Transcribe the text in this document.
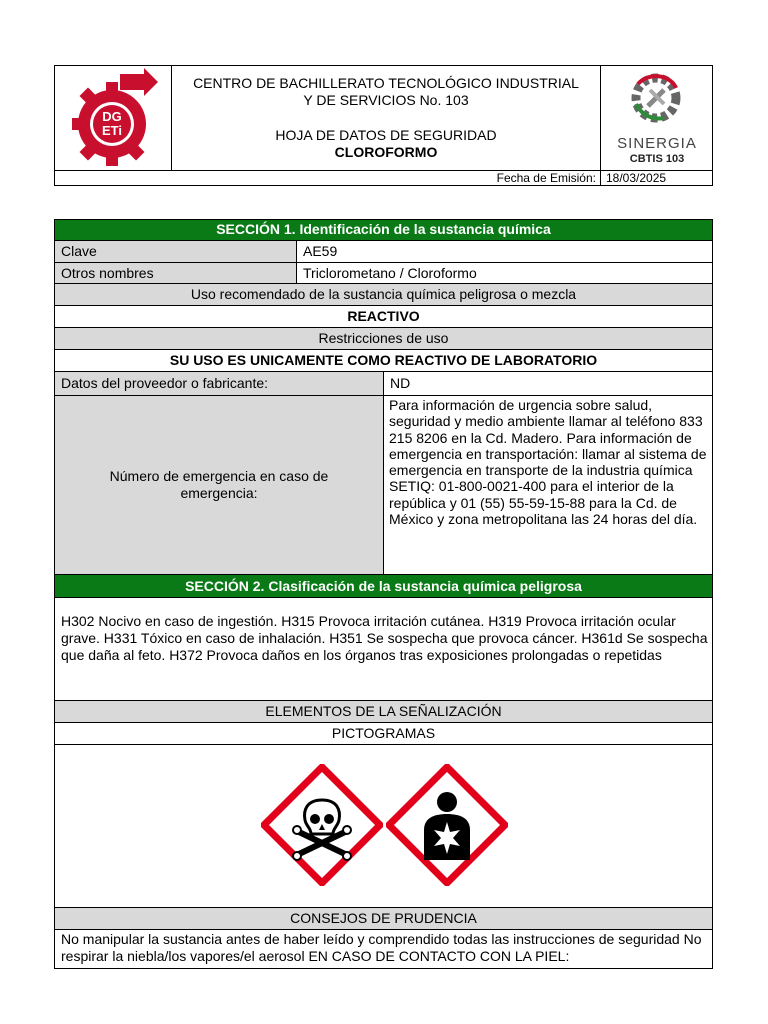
DG
ETi
CENTRO DE BACHILLERATO TECNOLÓGICO INDUSTRIAL
Y DE SERVICIOS No. 103
HOJA DE DATOS DE SEGURIDAD
CLOROFORMO	SINERGIA
CBTIS 103
Fecha de Emisión: 18/03/2025
SECCIÓN 1. Identificación de la sustancia química
Clave	AE59
Otros nombres	Triclorometano / Cloroformo
Uso recomendado de la sustancia química peligrosa o mezcla
REACTIVO
Restricciones de uso
SU USO ES UNICAMENTE COMO REACTIVO DE LABORATORIO
Datos del proveedor o fabricante:	ND
Número de emergencia en caso de emergencia:
Para información de urgencia sobre salud, seguridad y medio ambiente llamar al teléfono 833 215 8206 en la Cd. Madero. Para información de emergencia en transportación: llamar al sistema de emergencia en transporte de la industria química SETIQ: 01-800-0021-400 para el interior de la república y 01 (55) 55-59-15-88 para la Cd. de México y zona metropolitana las 24 horas del día.
SECCIÓN 2. Clasificación de la sustancia química peligrosa
H302 Nocivo en caso de ingestión. H315 Provoca irritación cutánea. H319 Provoca irritación ocular grave. H331 Tóxico en caso de inhalación. H351 Se sospecha que provoca cáncer. H361d Se sospecha que daña al feto. H372 Provoca daños en los órganos tras exposiciones prolongadas o repetidas
ELEMENTOS DE LA SEÑALIZACIÓN
PICTOGRAMAS
CONSEJOS DE PRUDENCIA
No manipular la sustancia antes de haber leído y comprendido todas las instrucciones de seguridad No respirar la niebla/los vapores/el aerosol EN CASO DE CONTACTO CON LA PIEL:
